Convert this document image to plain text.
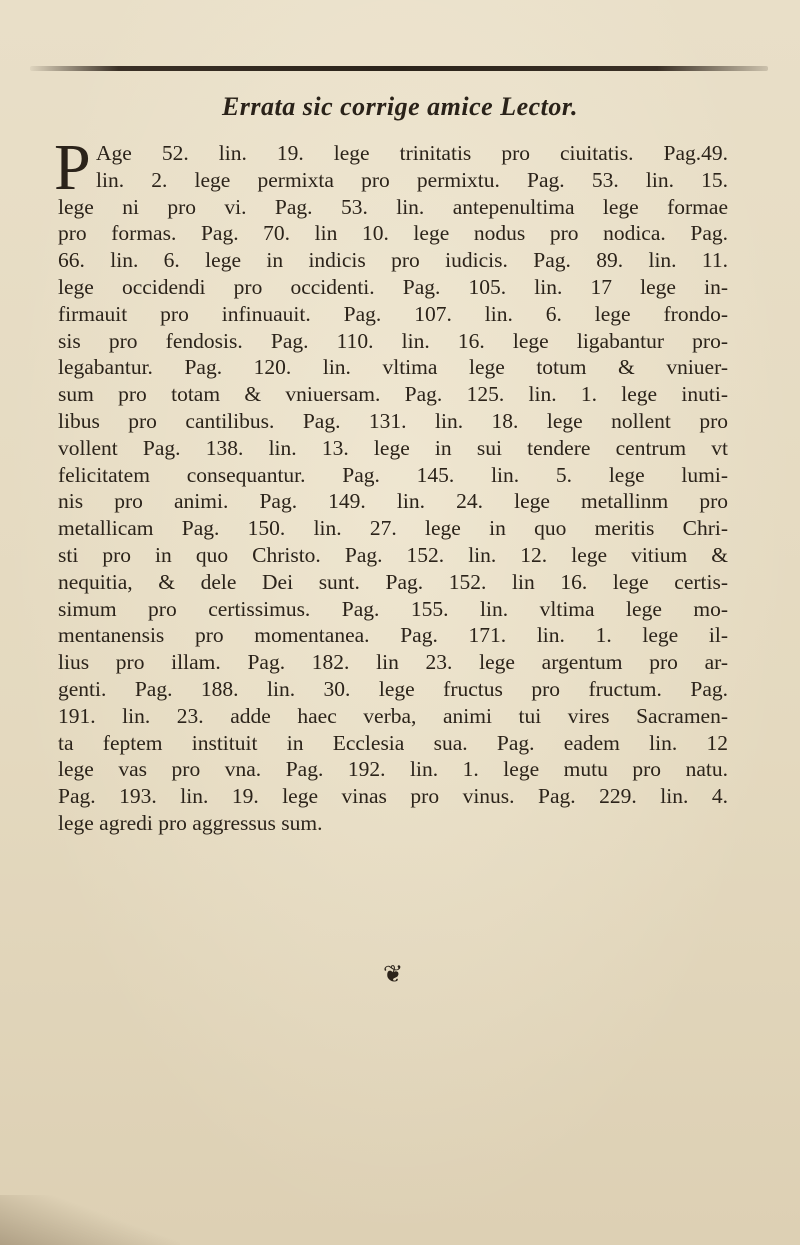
Errata sic corrige amice Lector.
P Age 52. lin. 19. lege trinitatis pro ciuitatis. Pag.49.
lin. 2. lege permixta pro permixtu. Pag. 53. lin. 15.
lege ni pro vi. Pag. 53. lin. antepenultima lege formae
pro formas. Pag. 70. lin 10. lege nodus pro nodica. Pag.
66. lin. 6. lege in indicis pro iudicis. Pag. 89. lin. 11.
lege occidendi pro occidenti. Pag. 105. lin. 17 lege in-
firmauit pro infinuauit. Pag. 107. lin. 6. lege frondo-
sis pro fendosis. Pag. 110. lin. 16. lege ligabantur pro-
legabantur. Pag. 120. lin. vltima lege totum & vniuer-
sum pro totam & vniuersam. Pag. 125. lin. 1. lege inuti-
libus pro cantilibus. Pag. 131. lin. 18. lege nollent pro
vollent Pag. 138. lin. 13. lege in sui tendere centrum vt
felicitatem consequantur. Pag. 145. lin. 5. lege lumi-
nis pro animi. Pag. 149. lin. 24. lege metallinm pro
metallicam Pag. 150. lin. 27. lege in quo meritis Chri-
sti pro in quo Christo. Pag. 152. lin. 12. lege vitium &
nequitia, & dele Dei sunt. Pag. 152. lin 16. lege certis-
simum pro certissimus. Pag. 155. lin. vltima lege mo-
mentanensis pro momentanea. Pag. 171. lin. 1. lege il-
lius pro illam. Pag. 182. lin 23. lege argentum pro ar-
genti. Pag. 188. lin. 30. lege fructus pro fructum. Pag.
191. lin. 23. adde haec verba, animi tui vires Sacramen-
ta feptem instituit in Ecclesia sua. Pag. eadem lin. 12
lege vas pro vna. Pag. 192. lin. 1. lege mutu pro natu.
Pag. 193. lin. 19. lege vinas pro vinus. Pag. 229. lin. 4.
lege agredi pro aggressus sum.
❦
